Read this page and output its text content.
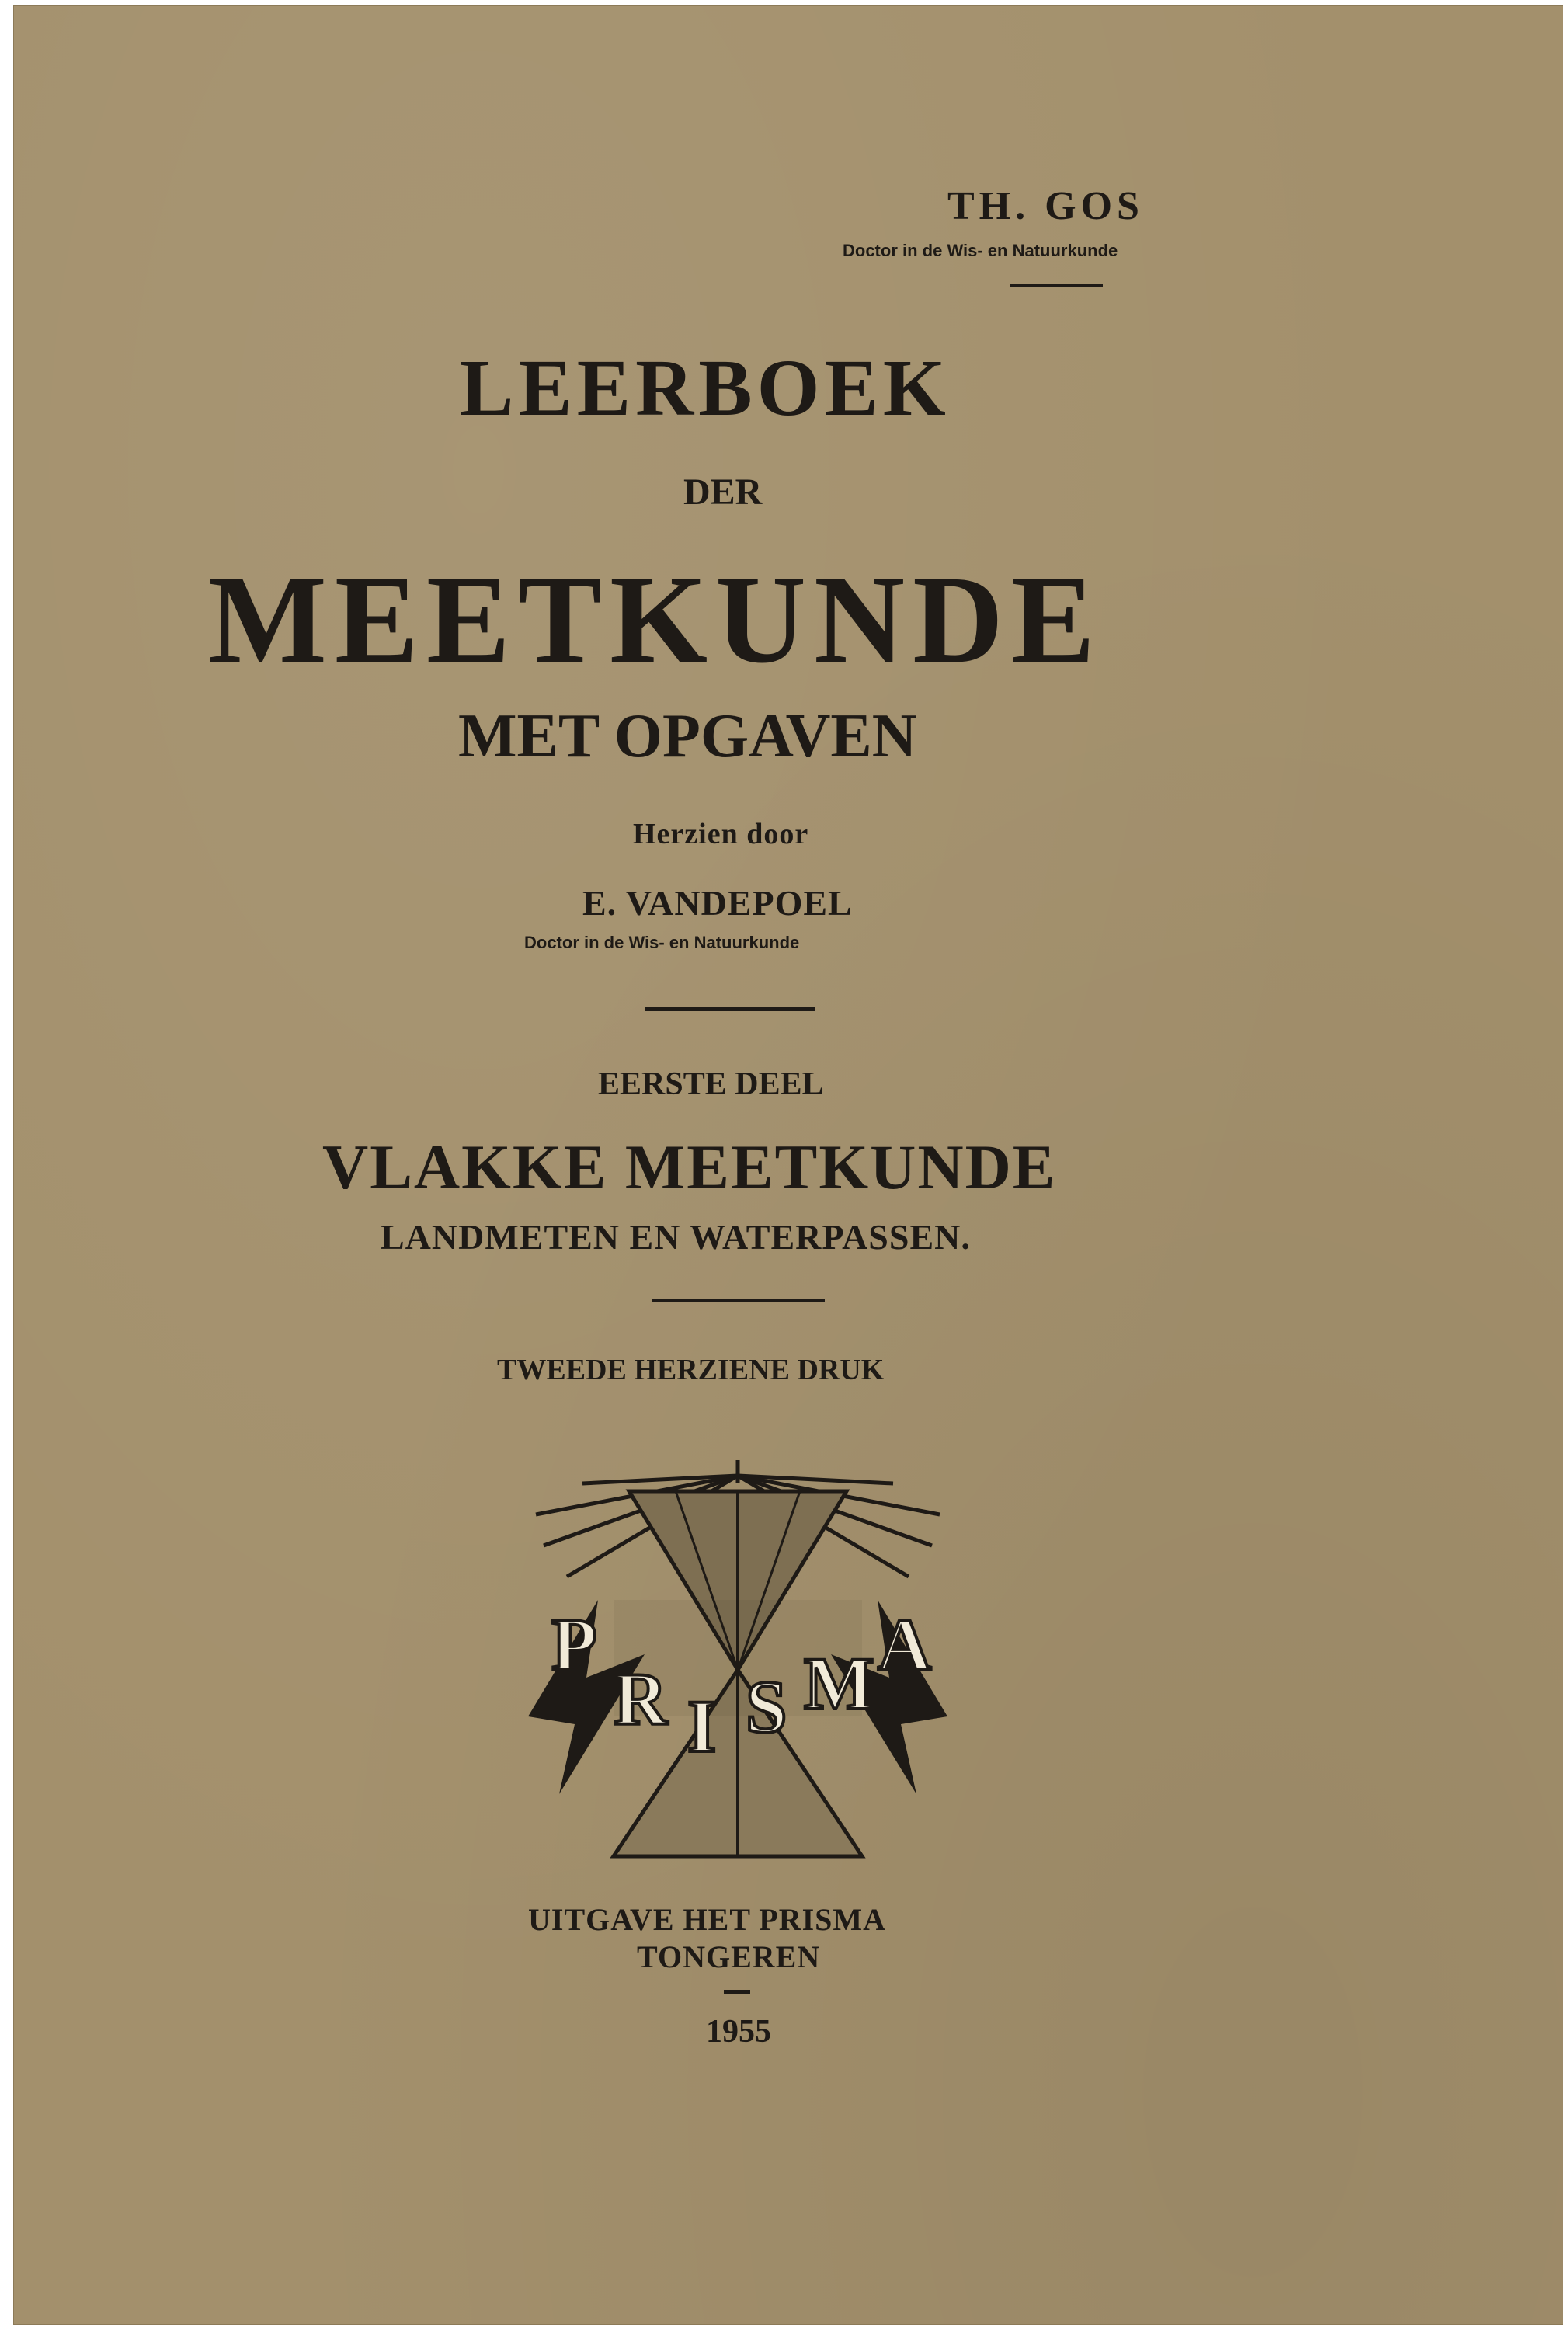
TH. GOS
Doctor in de Wis- en Natuurkunde
LEERBOEK
DER
MEETKUNDE
MET OPGAVEN
Herzien door
E. VANDEPOEL
Doctor in de Wis- en Natuurkunde
EERSTE DEEL
VLAKKE MEETKUNDE
LANDMETEN EN WATERPASSEN.
TWEEDE HERZIENE DRUK
P
R I S M A
UITGAVE HET PRISMA
TONGEREN
1955
